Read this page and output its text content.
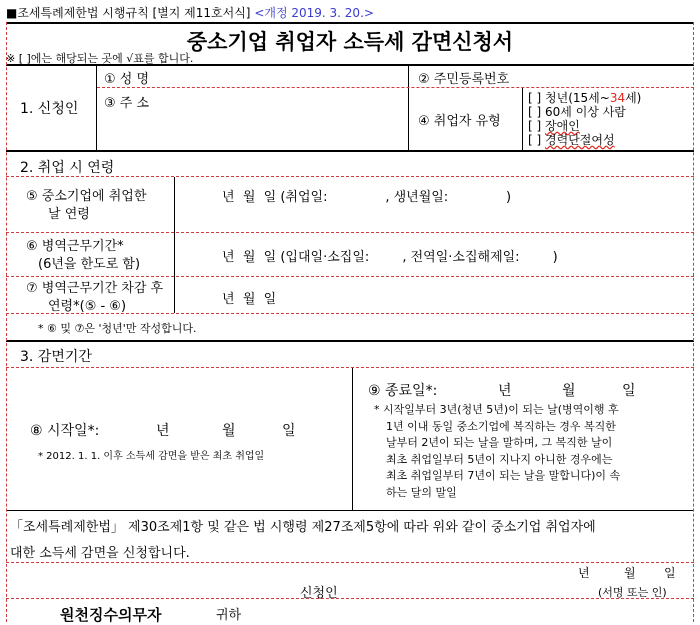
■조세특례제한법 시행규칙 [별지 제11호서식] <개정 2019. 3. 20.>
중소기업 취업자 소득세 감면신청서
※ [ ]에는 해당되는 곳에 √표를 합니다.
1. 신청인
① 성 명	② 주민등록번호
③ 주 소
④ 취업자 유형
[ ] 청년(15세~34세)
[ ] 60세 이상 사람
[ ] 장애인
[ ] 경력단절여성
2. 취업 시 연령
⑤ 중소기업에 취업한
날 연령
년  월  일 (취업일:              , 생년월일:              )
⑥ 병역근무기간*
(6년을 한도로 함)	년  월  일 (입대일·소집일:        , 전역일·소집해제일:        )
⑦ 병역근무기간 차감 후
연령*(⑤ - ⑥)	년  월  일
* ⑥ 및 ⑦은 '청년'만 작성합니다.
3. 감면기간
⑧ 시작일*:	년	월	일
* 2012. 1. 1. 이후 소득세 감면을 받은 최초 취업일
⑨ 종료일*:	년	월	일
* 시작일부터 3년(청년 5년)이 되는 날(병역이행 후
1년 이내 동일 중소기업에 복직하는 경우 복직한
날부터 2년이 되는 날을 말하며, 그 복직한 날이
최초 취업일부터 5년이 지나지 아니한 경우에는
최초 취업일부터 7년이 되는 날을 말합니다)이 속
하는 달의 말일
「조세특례제한법」 제30조제1항 및 같은 법 시행령 제27조제5항에 따라 위와 같이 중소기업 취업자에
대한 소득세 감면을 신청합니다.
년	월 일
신청인	(서명 또는 인)
원천징수의무자	귀하
